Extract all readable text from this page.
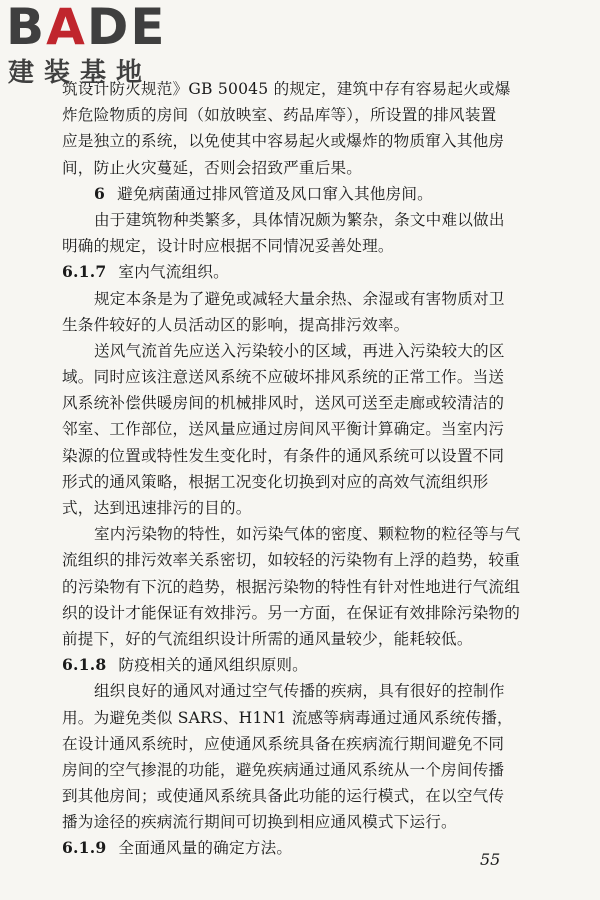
BADE
建装基地
筑设计防火规范》GB 50045 的规定，建筑中存有容易起火或爆
炸危险物质的房间（如放映室、药品库等），所设置的排风装置
应是独立的系统，以免使其中容易起火或爆炸的物质窜入其他房
间，防止火灾蔓延，否则会招致严重后果。
6 避免病菌通过排风管道及风口窜入其他房间。
由于建筑物种类繁多，具体情况颇为繁杂，条文中难以做出
明确的规定，设计时应根据不同情况妥善处理。
6.1.7 室内气流组织。
规定本条是为了避免或减轻大量余热、余湿或有害物质对卫
生条件较好的人员活动区的影响，提高排污效率。
送风气流首先应送入污染较小的区域，再进入污染较大的区
域。同时应该注意送风系统不应破坏排风系统的正常工作。当送
风系统补偿供暖房间的机械排风时，送风可送至走廊或较清洁的
邻室、工作部位，送风量应通过房间风平衡计算确定。当室内污
染源的位置或特性发生变化时，有条件的通风系统可以设置不同
形式的通风策略，根据工况变化切换到对应的高效气流组织形
式，达到迅速排污的目的。
室内污染物的特性，如污染气体的密度、颗粒物的粒径等与气
流组织的排污效率关系密切，如较轻的污染物有上浮的趋势，较重
的污染物有下沉的趋势，根据污染物的特性有针对性地进行气流组
织的设计才能保证有效排污。另一方面，在保证有效排除污染物的
前提下，好的气流组织设计所需的通风量较少，能耗较低。
6.1.8 防疫相关的通风组织原则。
组织良好的通风对通过空气传播的疾病，具有很好的控制作
用。为避免类似 SARS、H1N1 流感等病毒通过通风系统传播，
在设计通风系统时，应使通风系统具备在疾病流行期间避免不同
房间的空气掺混的功能，避免疾病通过通风系统从一个房间传播
到其他房间；或使通风系统具备此功能的运行模式，在以空气传
播为途径的疾病流行期间可切换到相应通风模式下运行。
6.1.9 全面通风量的确定方法。
55
